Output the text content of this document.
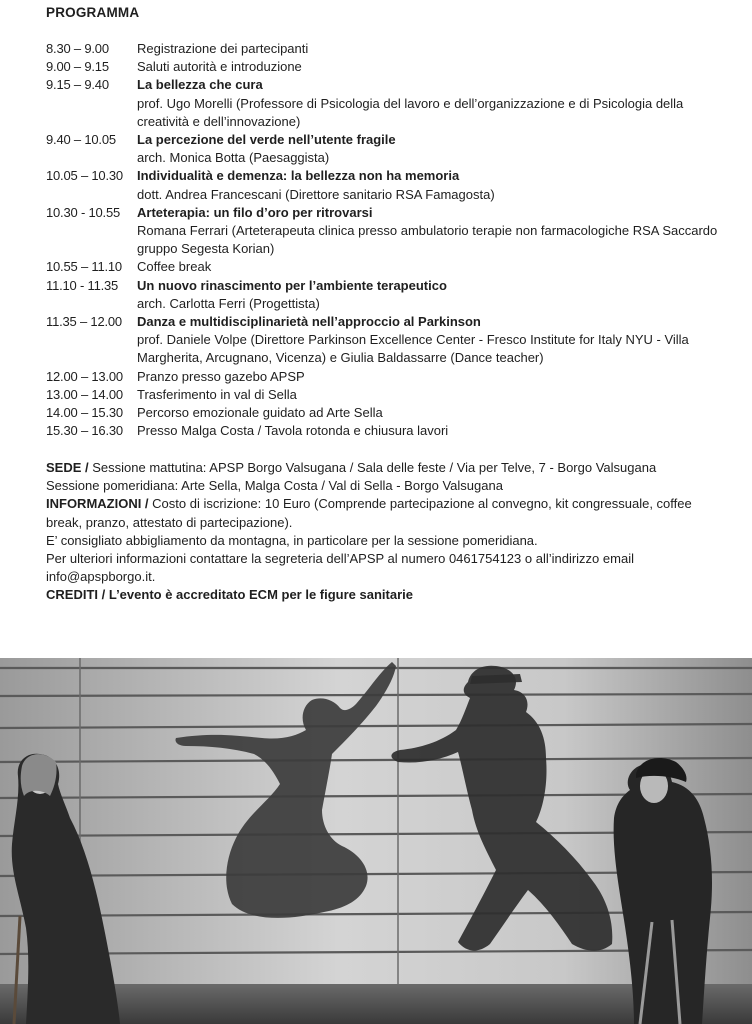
PROGRAMMA
8.30 – 9.00	Registrazione dei partecipanti
9.00 – 9.15	Saluti autorità e introduzione
9.15 – 9.40	La bellezza che cura
prof. Ugo Morelli (Professore di Psicologia del lavoro e dell’organizzazione e di Psicologia della creatività e dell’innovazione)
9.40 – 10.05	La percezione del verde nell’utente fragile
arch. Monica Botta (Paesaggista)
10.05 – 10.30	Individualità e demenza: la bellezza non ha memoria
dott. Andrea Francescani (Direttore sanitario RSA Famagosta)
10.30 - 10.55	Arteterapia: un filo d’oro per ritrovarsi
Romana Ferrari (Arteterapeuta clinica presso ambulatorio terapie non farmacologiche RSA Saccardo gruppo Segesta Korian)
10.55 – 11.10	Coffee break
11.10 - 11.35	Un nuovo rinascimento per l’ambiente terapeutico
arch. Carlotta Ferri (Progettista)
11.35 – 12.00	Danza e multidisciplinarietà nell’approccio al Parkinson
prof. Daniele Volpe (Direttore Parkinson Excellence Center - Fresco Institute for Italy NYU - Villa Margherita, Arcugnano, Vicenza) e Giulia Baldassarre (Dance teacher)
12.00 – 13.00	Pranzo presso gazebo APSP
13.00 – 14.00	Trasferimento in val di Sella
14.00 – 15.30	Percorso emozionale guidato ad Arte Sella
15.30 – 16.30	Presso Malga Costa / Tavola rotonda e chiusura lavori

SEDE / Sessione mattutina: APSP Borgo Valsugana / Sala delle feste / Via per Telve, 7 - Borgo Valsugana

Sessione pomeridiana: Arte Sella, Malga Costa / Val di Sella - Borgo Valsugana

INFORMAZIONI / Costo di iscrizione: 10 Euro (Comprende partecipazione al convegno, kit congressuale, coffee break, pranzo, attestato di partecipazione).

E’ consigliato abbigliamento da montagna, in particolare per la sessione pomeridiana.

Per ulteriori informazioni contattare la segreteria dell’APSP al numero 0461754123 o all’indirizzo email info@apspborgo.it.

CREDITI / L’evento è accreditato ECM per le figure sanitarie
